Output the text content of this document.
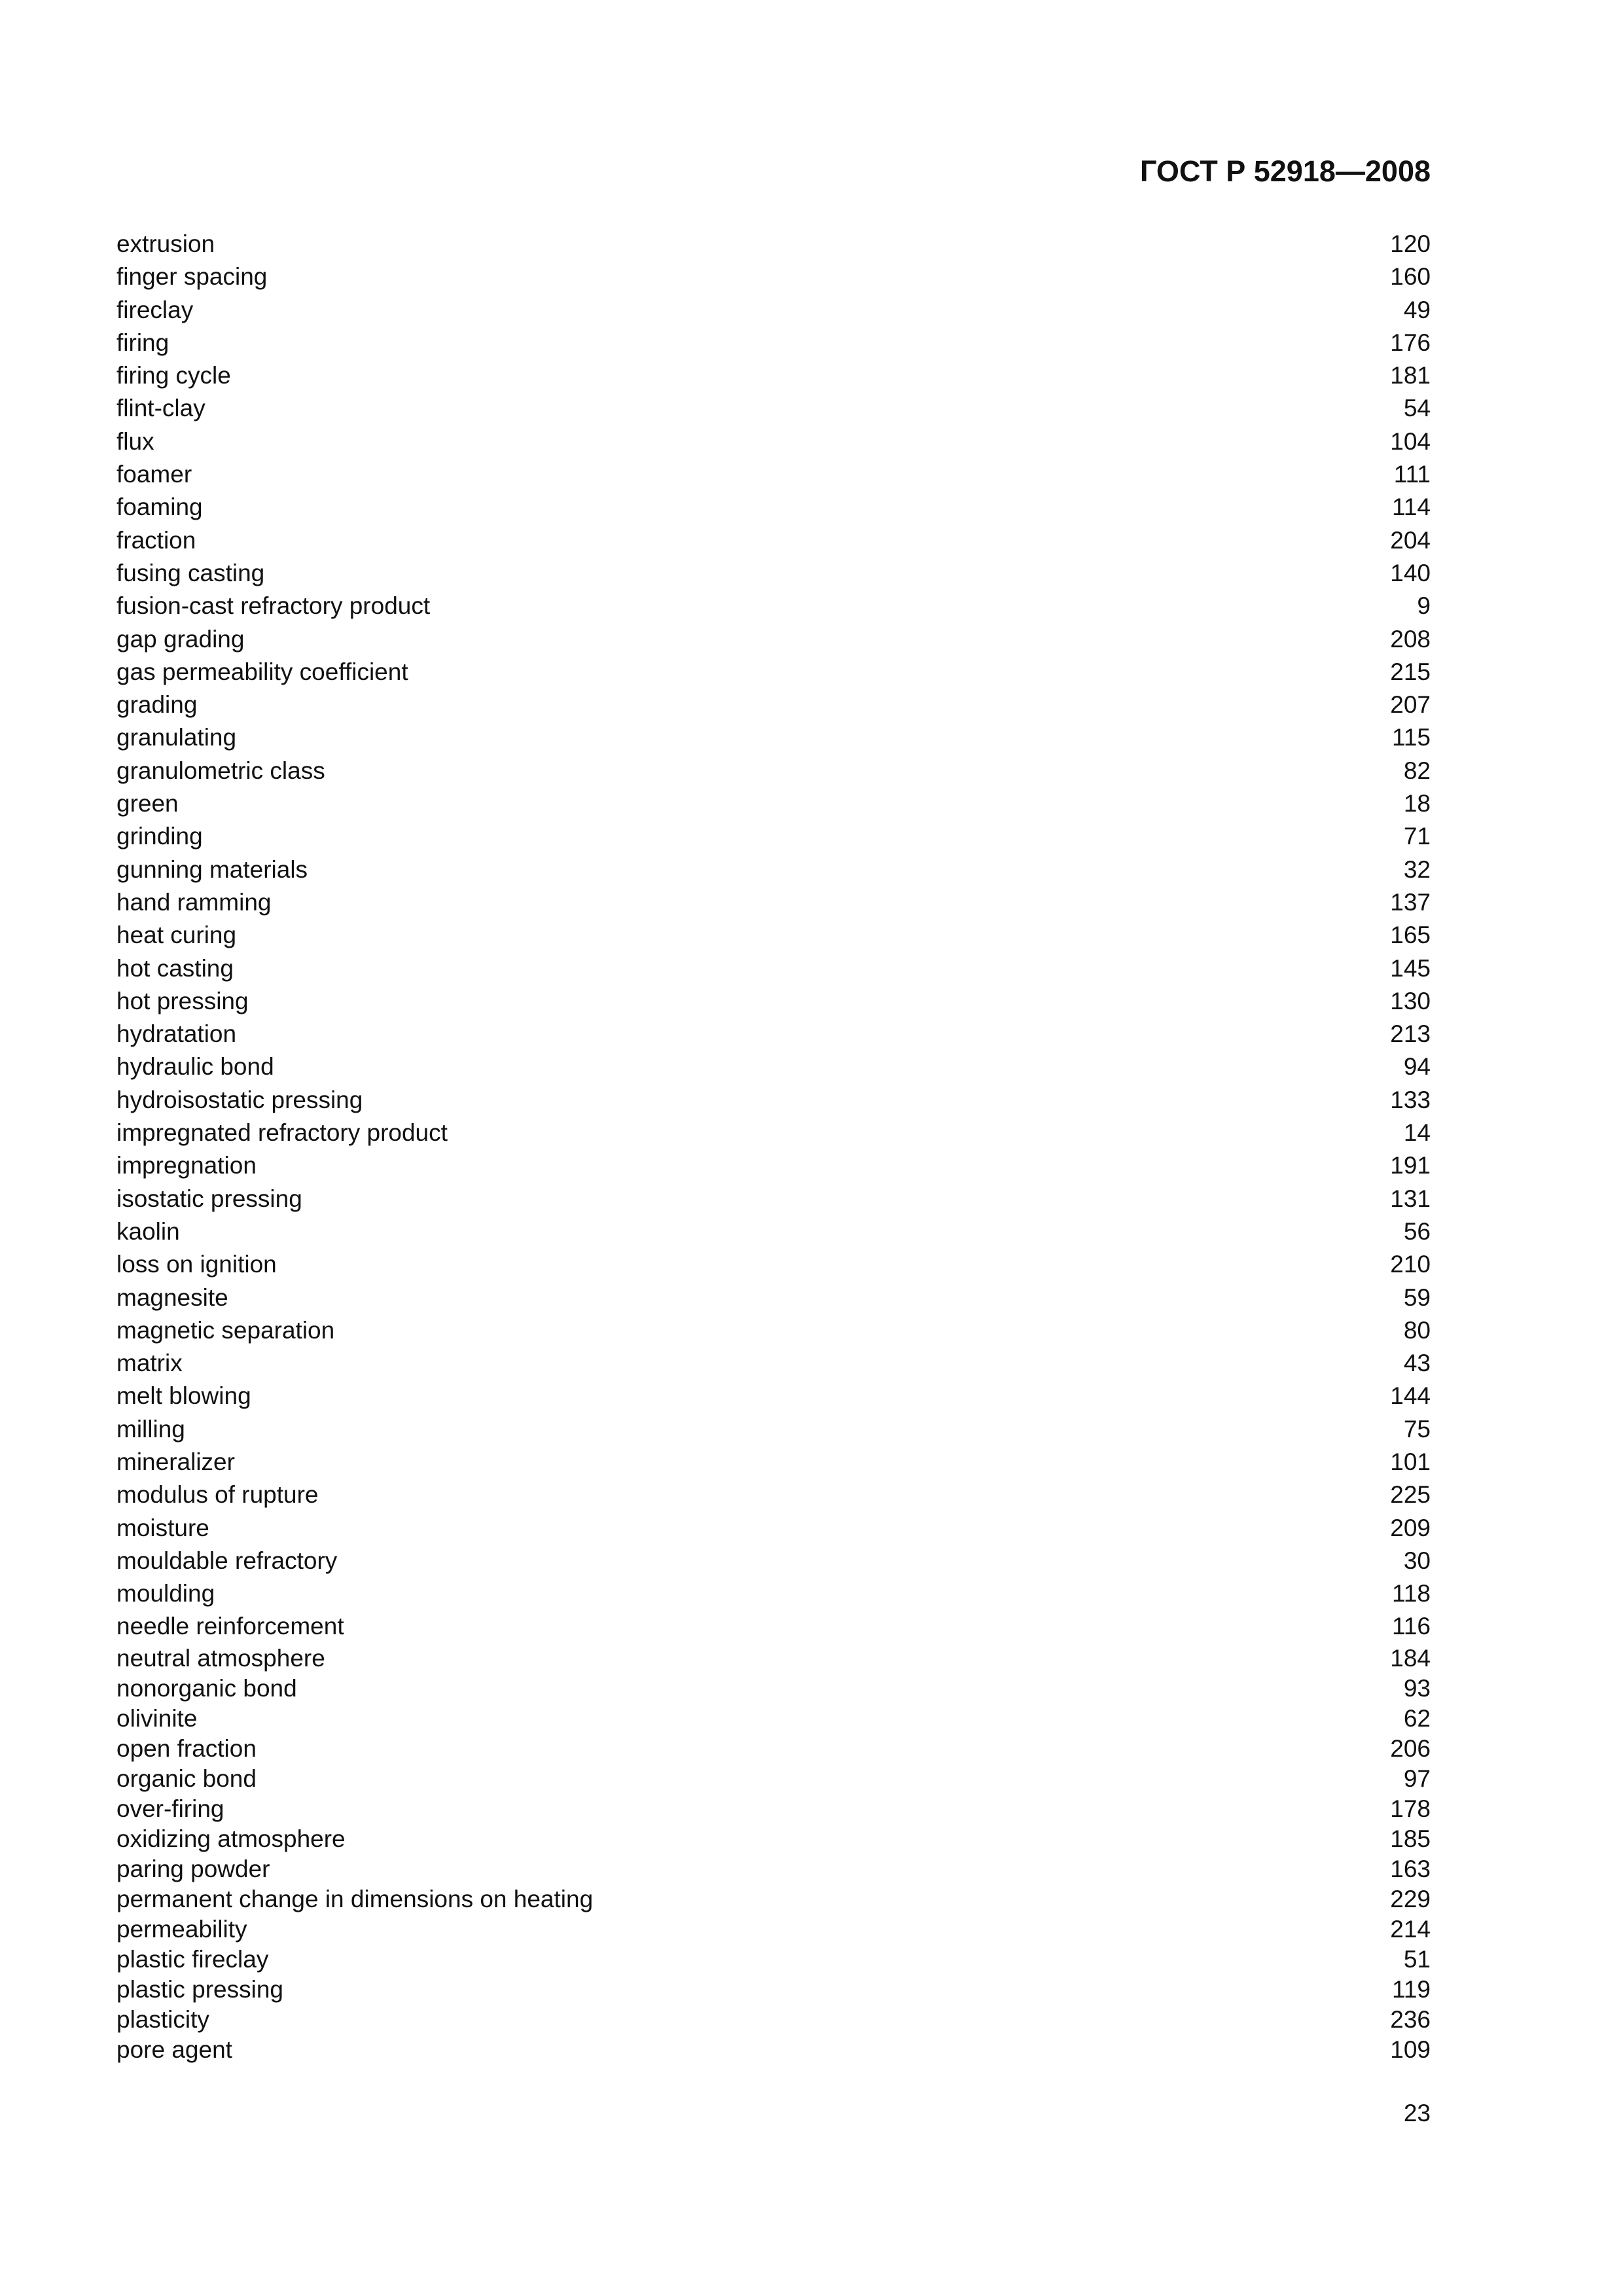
ГОСТ Р 52918—2008
extrusion	120
finger spacing	160
fireclay	49
firing	176
firing cycle	181
flint-clay	54
flux	104
foamer	111
foaming	114
fraction	204
fusing casting	140
fusion-cast refractory product	9
gap grading	208
gas permeability coefficient	215
grading	207
granulating	115
granulometric class	82
green	18
grinding	71
gunning materials	32
hand ramming	137
heat curing	165
hot casting	145
hot pressing	130
hydratation	213
hydraulic bond	94
hydroisostatic pressing	133
impregnated refractory product	14
impregnation	191
isostatic pressing	131
kaolin	56
loss on ignition	210
magnesite	59
magnetic separation	80
matrix	43
melt blowing	144
milling	75
mineralizer	101
modulus of rupture	225
moisture	209
mouldable refractory	30
moulding	118
needle reinforcement	116
neutral atmosphere	184
nonorganic bond	93
olivinite	62
open fraction	206
organic bond	97
over-firing	178
oxidizing atmosphere	185
paring powder	163
permanent change in dimensions on heating	229
permeability	214
plastic fireclay	51
plastic pressing	119
plasticity	236
pore agent	109
23
